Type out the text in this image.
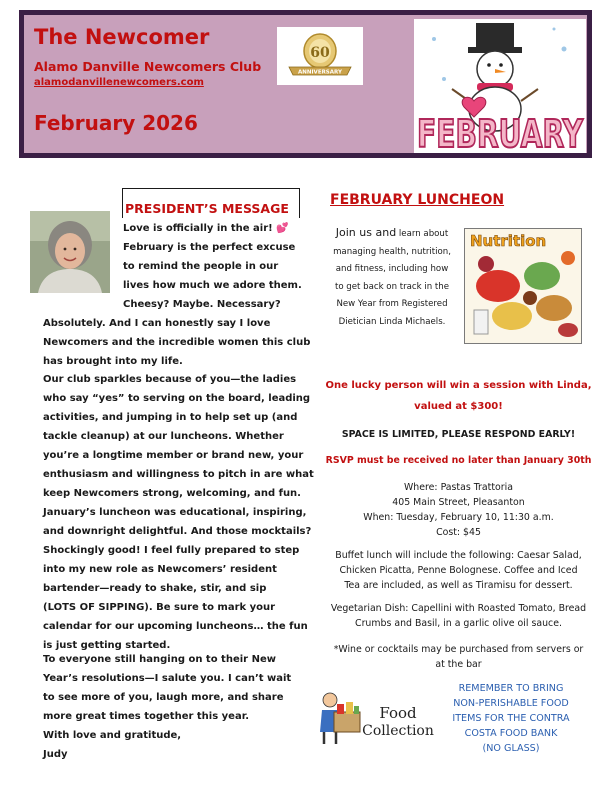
The Newcomer
Alamo Danville Newcomers Club
alamodanvillenewcomers.com
February 2026
60
ANNIVERSARY
FEBRUARY
PRESIDENT’S MESSAGE

Love is officially in the air! 💕

February is the perfect excuse

to remind the people in our

lives how much we adore them.

Cheesy? Maybe. Necessary?

Absolutely. And I can honestly say I love

Newcomers and the incredible women this club

has brought into my life.

Our club sparkles because of you—the ladies

who say “yes” to serving on the board, leading

activities, and jumping in to help set up (and

tackle cleanup) at our luncheons. Whether

you’re a longtime member or brand new, your

enthusiasm and willingness to pitch in are what

keep Newcomers strong, welcoming, and fun.

January’s luncheon was educational, inspiring,

and downright delightful. And those mocktails?

Shockingly good! I feel fully prepared to step

into my new role as Newcomers’ resident

bartender—ready to shake, stir, and sip

(LOTS OF SIPPING). Be sure to mark your

calendar for our upcoming luncheons… the fun

is just getting started.

To everyone still hanging on to their New

Year’s resolutions—I salute you. I can’t wait

to see more of you, laugh more, and share

more great times together this year.

With love and gratitude,

Judy

FEBRUARY LUNCHEON
Join us and learn about
managing health, nutrition,
and fitness, including how
to get back on track in the
New Year from Registered
Dietician Linda Michaels.
Nutrition
One lucky person will win a session with Linda,
valued at $300!
SPACE IS LIMITED, PLEASE RESPOND EARLY!
RSVP must be received no later than January 30th
Where: Pastas Trattoria
405 Main Street, Pleasanton
When: Tuesday, February 10, 11:30 a.m.
Cost: $45
Buffet lunch will include the following: Caesar Salad,
Chicken Picatta, Penne Bolognese. Coffee and Iced
Tea are included, as well as Tiramisu for dessert.
Vegetarian Dish: Capellini with Roasted Tomato, Bread
Crumbs and Basil, in a garlic olive oil sauce.
*Wine or cocktails may be purchased from servers or
at the bar
Food
Collection
REMEMBER TO BRING
NON-PERISHABLE FOOD
ITEMS FOR THE CONTRA
COSTA FOOD BANK
(NO GLASS)
